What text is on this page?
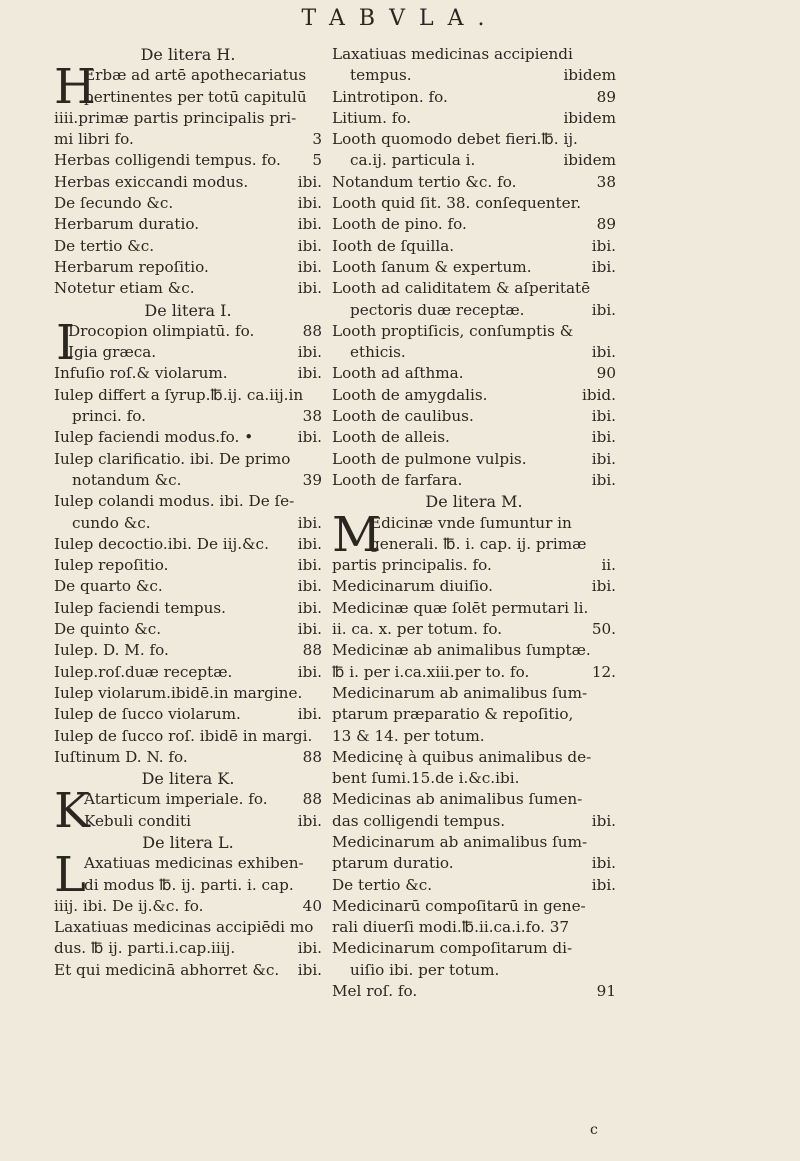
TABVLA.
De litera H.
H
Erbæ ad artē apothecariatus
pertinentes per totū capitulū
iiii.primæ partis principalis pri-
mi libri fo.	3
Herbas colligendi tempus. fo.	5
Herbas exiccandi modus.	ibi.
De ſecundo &c.	ibi.
Herbarum duratio.	ibi.
De tertio &c.	ibi.
Herbarum repoſitio.	ibi.
Notetur etiam &c.	ibi.
De litera I.
I
Drocopion olimpiatū. fo.	88
Igia græca.	ibi.
Infuſio roſ.& violarum.	ibi.
Iulep differt a ſyrup.℔.ij. ca.iij.in
princi. fo.	38
Iulep faciendi modus.fo. •	ibi.
Iulep clarificatio. ibi. De primo
notandum &c.	39
Iulep colandi modus. ibi. De ſe-
cundo &c.	ibi.
Iulep decoctio.ibi. De iij.&c.	ibi.
Iulep repoſitio.	ibi.
De quarto &c.	ibi.
Iulep faciendi tempus.	ibi.
De quinto &c.	ibi.
Iulep. D. M. fo.	88
Iulep.roſ.duæ receptæ.	ibi.
Iulep violarum.ibidē.in margine.
Iulep de ſucco violarum.	ibi.
Iulep de ſucco roſ. ibidē in margi.
Iuſtinum D. N. fo.	88
De litera K.
K
Atarticum imperiale. fo.	88
Kebuli conditi	ibi.
De litera L.
L
Axatiuas medicinas exhiben-
di modus ℔. ij. parti. i. cap.
iiij. ibi. De ij.&c. fo.	40
Laxatiuas medicinas accipiēdi mo
dus. ℔ ij. parti.i.cap.iiij.	ibi.
Et qui medicinā abhorret &c.	ibi.
Laxatiuas medicinas accipiendi
tempus.	ibidem
Lintrotipon. fo.	89
Litium. fo.	ibidem
Looth quomodo debet fieri.℔. ij.
ca.ij. particula i.	ibidem
Notandum tertio &c. fo.	38
Looth quid ſit. 38. conſequenter.
Looth de pino. fo.	89
Iooth de ſquilla.	ibi.
Looth ſanum & expertum.	ibi.
Looth ad caliditatem & aſperitatē
pectoris duæ receptæ.	ibi.
Looth proptiſicis, conſumptis &
ethicis.	ibi.
Looth ad aſthma.	90
Looth de amygdalis.	ibid.
Looth de caulibus.	ibi.
Looth de alleis.	ibi.
Looth de pulmone vulpis.	ibi.
Looth de farfara.	ibi.
De litera M.
M
Edicinæ vnde ſumuntur in
generali. ℔. i. cap. ij. primæ
partis principalis. fo.	ii.
Medicinarum diuiſio.	ibi.
Medicinæ quæ ſolēt permutari li.
ii. ca. x. per totum. fo.	50.
Medicinæ ab animalibus ſumptæ.
℔ i. per i.ca.xiii.per to. fo.	12.
Medicinarum ab animalibus ſum-
ptarum præparatio & repoſitio,
13 & 14. per totum.
Medicinę à quibus animalibus de-
bent ſumi.15.de i.&c.ibi.
Medicinas ab animalibus ſumen-
das colligendi tempus.	ibi.
Medicinarum ab animalibus ſum-
ptarum duratio.	ibi.
De tertio &c.	ibi.
Medicinarū compoſitarū in gene-
rali diuerſi modi.℔.ii.ca.i.fo. 37
Medicinarum compoſitarum di-
uiſio ibi. per totum.
Mel roſ. fo.	91
c
